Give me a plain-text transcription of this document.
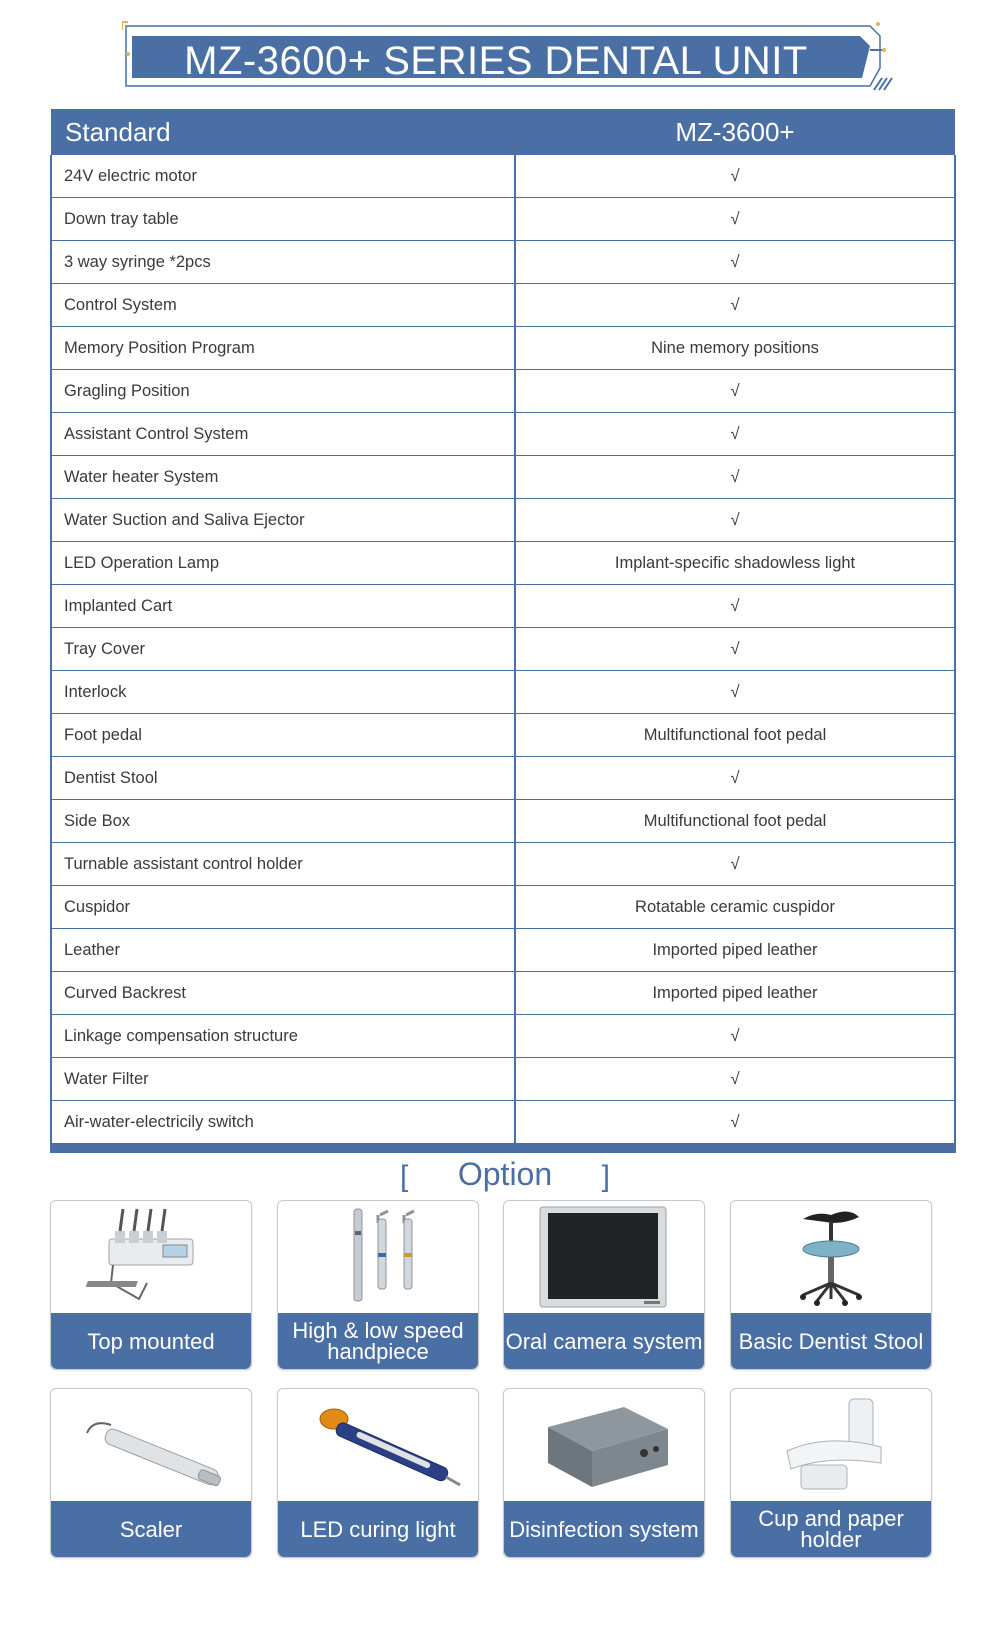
MZ-3600+ SERIES DENTAL UNIT
Standard	MZ-3600+
24V electric motor	√
Down tray table	√
3 way syringe *2pcs	√
Control System	√
Memory Position Program	Nine memory positions
Gragling Position	√
Assistant Control System	√
Water heater System	√
Water Suction and Saliva Ejector	√
LED Operation Lamp	Implant-specific shadowless light
Implanted Cart	√
Tray Cover	√
Interlock	√
Foot pedal	Multifunctional foot pedal
Dentist Stool	√
Side Box	Multifunctional foot pedal
Turnable assistant control holder	√
Cuspidor	Rotatable ceramic cuspidor
Leather	Imported piped leather
Curved Backrest	Imported piped leather
Linkage compensation structure	√
Water Filter	√
Air-water-electricily switch	√
[	Option	]
Top mounted	High & low speed handpiece	Oral camera system	Basic Dentist Stool
Scaler	LED curing light	Disinfection system	Cup and paper holder
